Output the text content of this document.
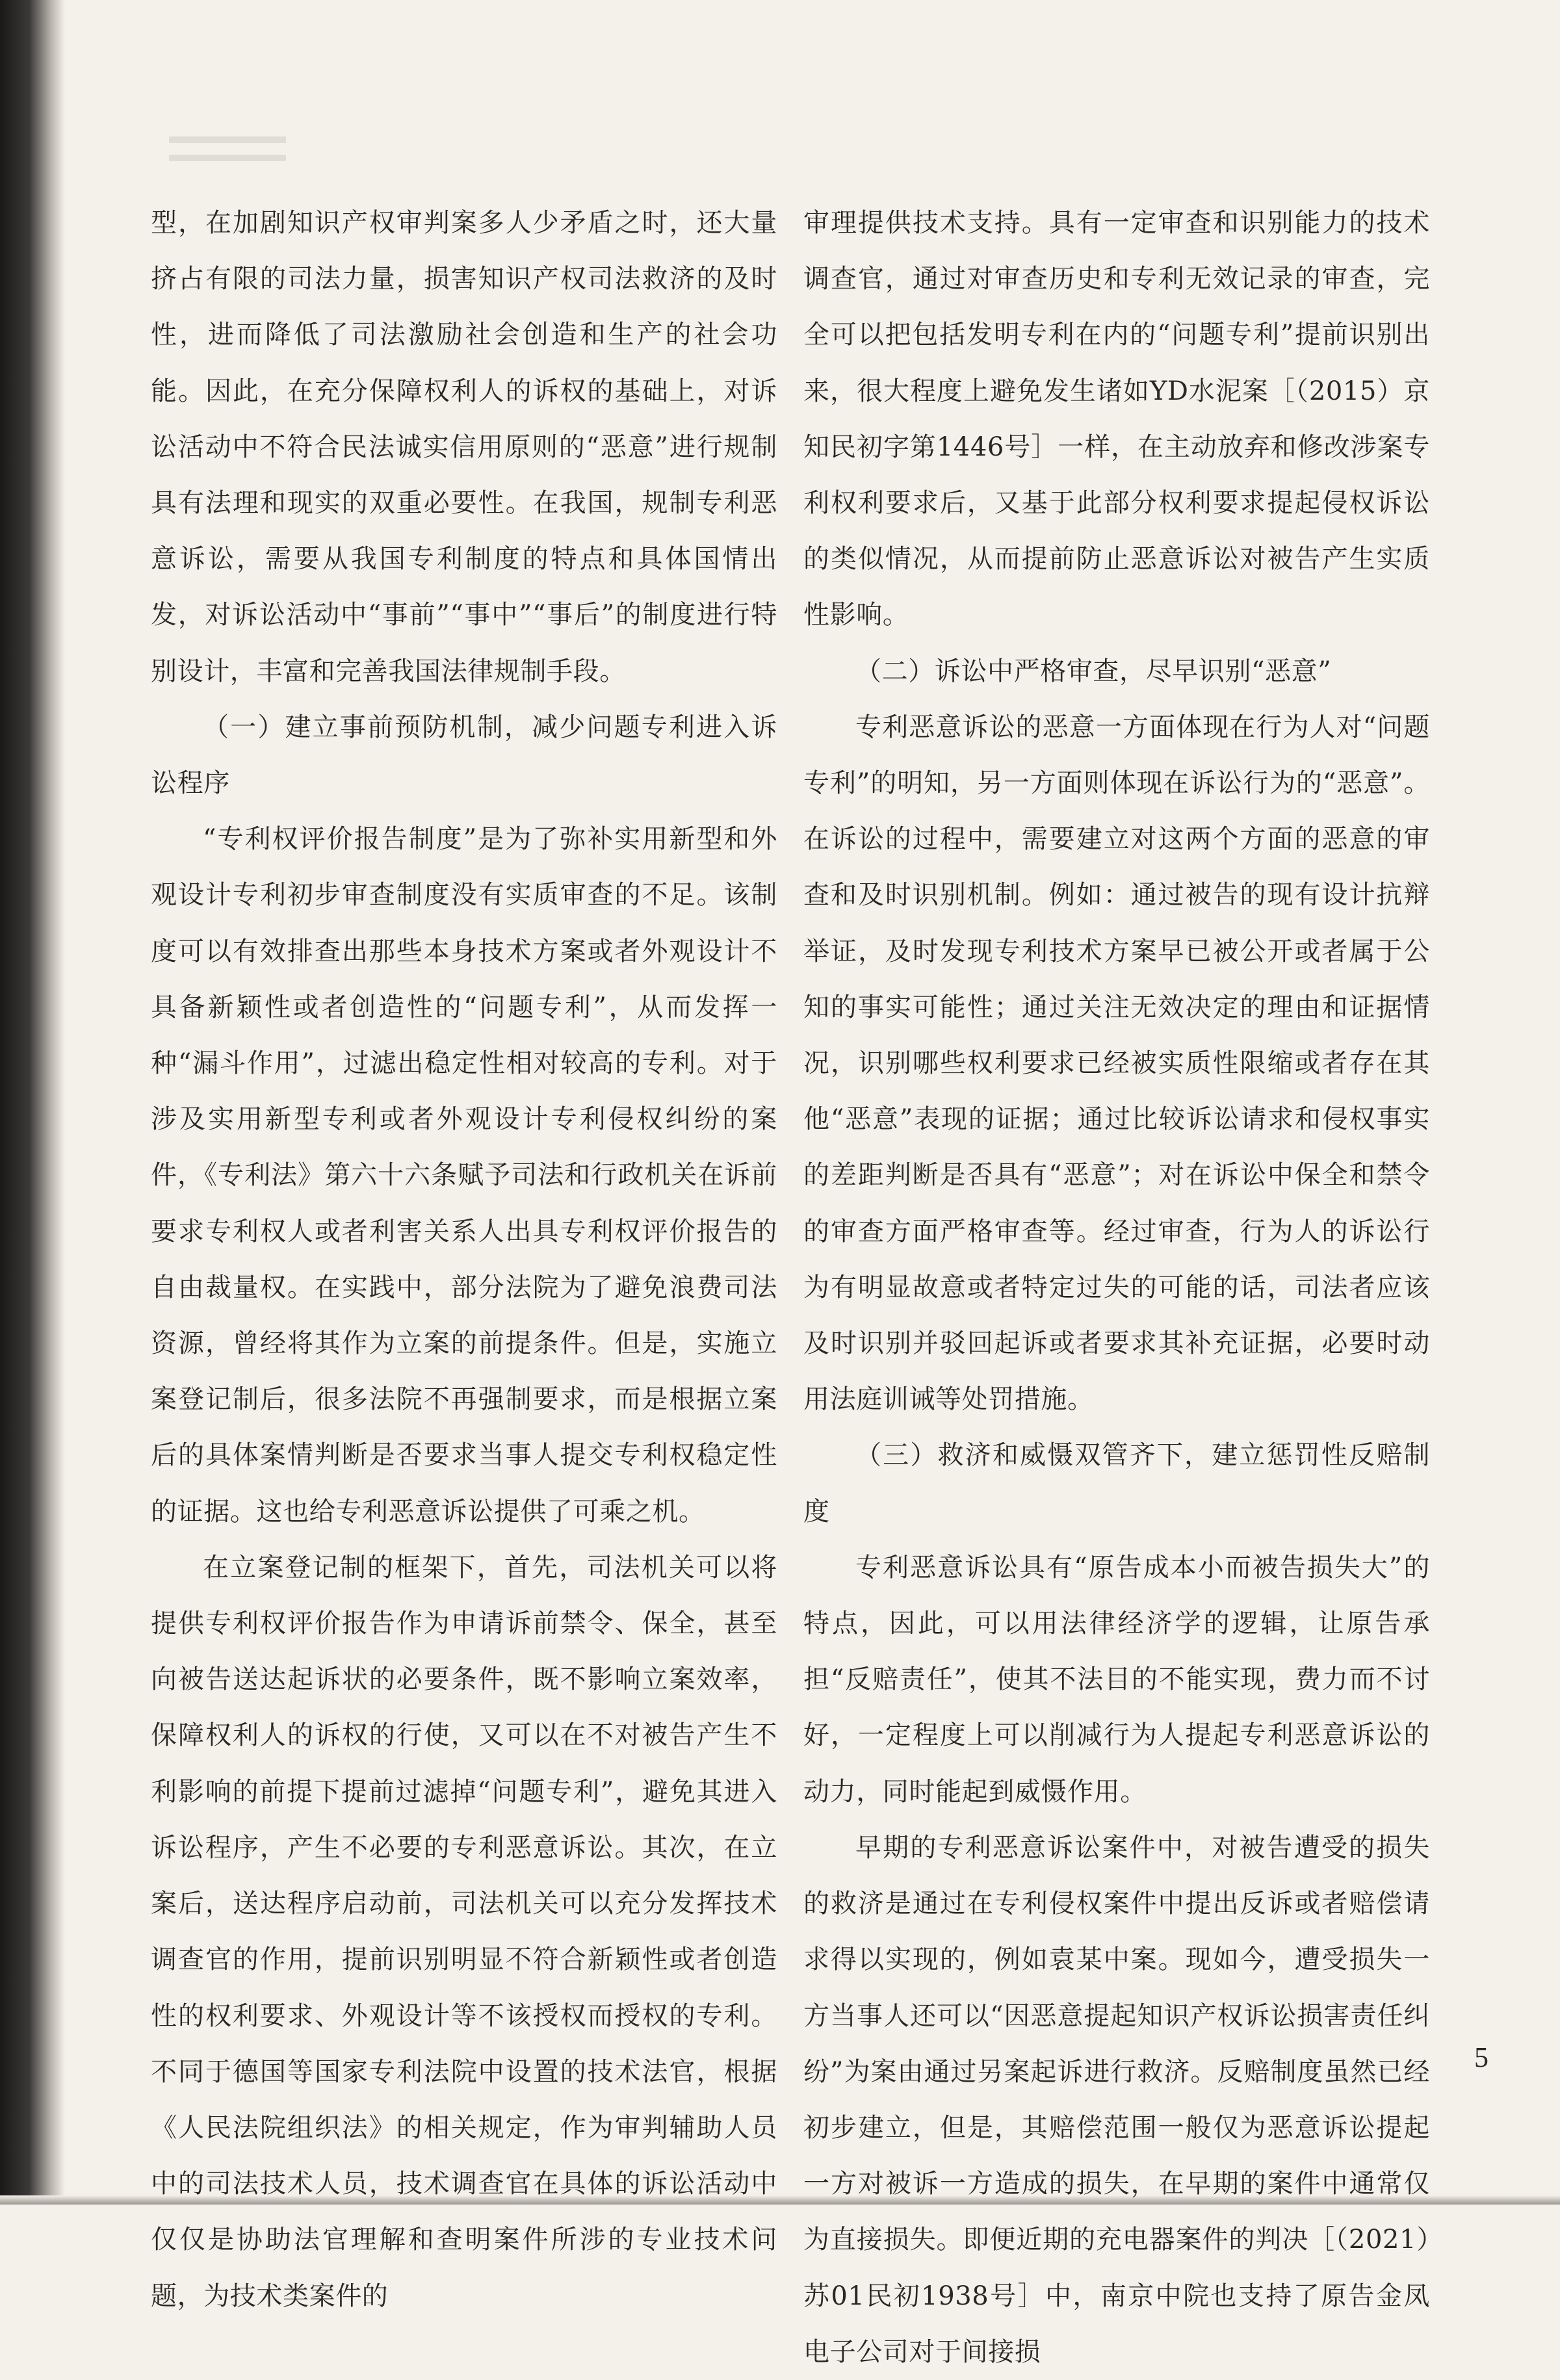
型，在加剧知识产权审判案多人少矛盾之时，还大量挤占有限的司法力量，损害知识产权司法救济的及时性，进而降低了司法激励社会创造和生产的社会功能。因此，在充分保障权利人的诉权的基础上，对诉讼活动中不符合民法诚实信用原则的“恶意”进行规制具有法理和现实的双重必要性。在我国，规制专利恶意诉讼，需要从我国专利制度的特点和具体国情出发，对诉讼活动中“事前”“事中”“事后”的制度进行特别设计，丰富和完善我国法律规制手段。

（一）建立事前预防机制，减少问题专利进入诉讼程序

“专利权评价报告制度”是为了弥补实用新型和外观设计专利初步审查制度没有实质审查的不足。该制度可以有效排查出那些本身技术方案或者外观设计不具备新颖性或者创造性的“问题专利”，从而发挥一种“漏斗作用”，过滤出稳定性相对较高的专利。对于涉及实用新型专利或者外观设计专利侵权纠纷的案件，《专利法》第六十六条赋予司法和行政机关在诉前要求专利权人或者利害关系人出具专利权评价报告的自由裁量权。在实践中，部分法院为了避免浪费司法资源，曾经将其作为立案的前提条件。但是，实施立案登记制后，很多法院不再强制要求，而是根据立案后的具体案情判断是否要求当事人提交专利权稳定性的证据。这也给专利恶意诉讼提供了可乘之机。

在立案登记制的框架下，首先，司法机关可以将提供专利权评价报告作为申请诉前禁令、保全，甚至向被告送达起诉状的必要条件，既不影响立案效率，保障权利人的诉权的行使，又可以在不对被告产生不利影响的前提下提前过滤掉“问题专利”，避免其进入诉讼程序，产生不必要的专利恶意诉讼。其次，在立案后，送达程序启动前，司法机关可以充分发挥技术调查官的作用，提前识别明显不符合新颖性或者创造性的权利要求、外观设计等不该授权而授权的专利。不同于德国等国家专利法院中设置的技术法官，根据《人民法院组织法》的相关规定，作为审判辅助人员中的司法技术人员，技术调查官在具体的诉讼活动中仅仅是协助法官理解和查明案件所涉的专业技术问题，为技术类案件的

审理提供技术支持。具有一定审查和识别能力的技术调查官，通过对审查历史和专利无效记录的审查，完全可以把包括发明专利在内的“问题专利”提前识别出来，很大程度上避免发生诸如YD水泥案［（2015）京知民初字第1446号］一样，在主动放弃和修改涉案专利权利要求后，又基于此部分权利要求提起侵权诉讼的类似情况，从而提前防止恶意诉讼对被告产生实质性影响。

（二）诉讼中严格审查，尽早识别“恶意”

专利恶意诉讼的恶意一方面体现在行为人对“问题专利”的明知，另一方面则体现在诉讼行为的“恶意”。在诉讼的过程中，需要建立对这两个方面的恶意的审查和及时识别机制。例如：通过被告的现有设计抗辩举证，及时发现专利技术方案早已被公开或者属于公知的事实可能性；通过关注无效决定的理由和证据情况，识别哪些权利要求已经被实质性限缩或者存在其他“恶意”表现的证据；通过比较诉讼请求和侵权事实的差距判断是否具有“恶意”；对在诉讼中保全和禁令的审查方面严格审查等。经过审查，行为人的诉讼行为有明显故意或者特定过失的可能的话，司法者应该及时识别并驳回起诉或者要求其补充证据，必要时动用法庭训诫等处罚措施。

（三）救济和威慑双管齐下，建立惩罚性反赔制度

专利恶意诉讼具有“原告成本小而被告损失大”的特点，因此，可以用法律经济学的逻辑，让原告承担“反赔责任”，使其不法目的不能实现，费力而不讨好，一定程度上可以削减行为人提起专利恶意诉讼的动力，同时能起到威慑作用。

早期的专利恶意诉讼案件中，对被告遭受的损失的救济是通过在专利侵权案件中提出反诉或者赔偿请求得以实现的，例如袁某中案。现如今，遭受损失一方当事人还可以“因恶意提起知识产权诉讼损害责任纠纷”为案由通过另案起诉进行救济。反赔制度虽然已经初步建立，但是，其赔偿范围一般仅为恶意诉讼提起一方对被诉一方造成的损失，在早期的案件中通常仅为直接损失。即便近期的充电器案件的判决［（2021）苏01民初1938号］中，南京中院也支持了原告金凤电子公司对于间接损

5
